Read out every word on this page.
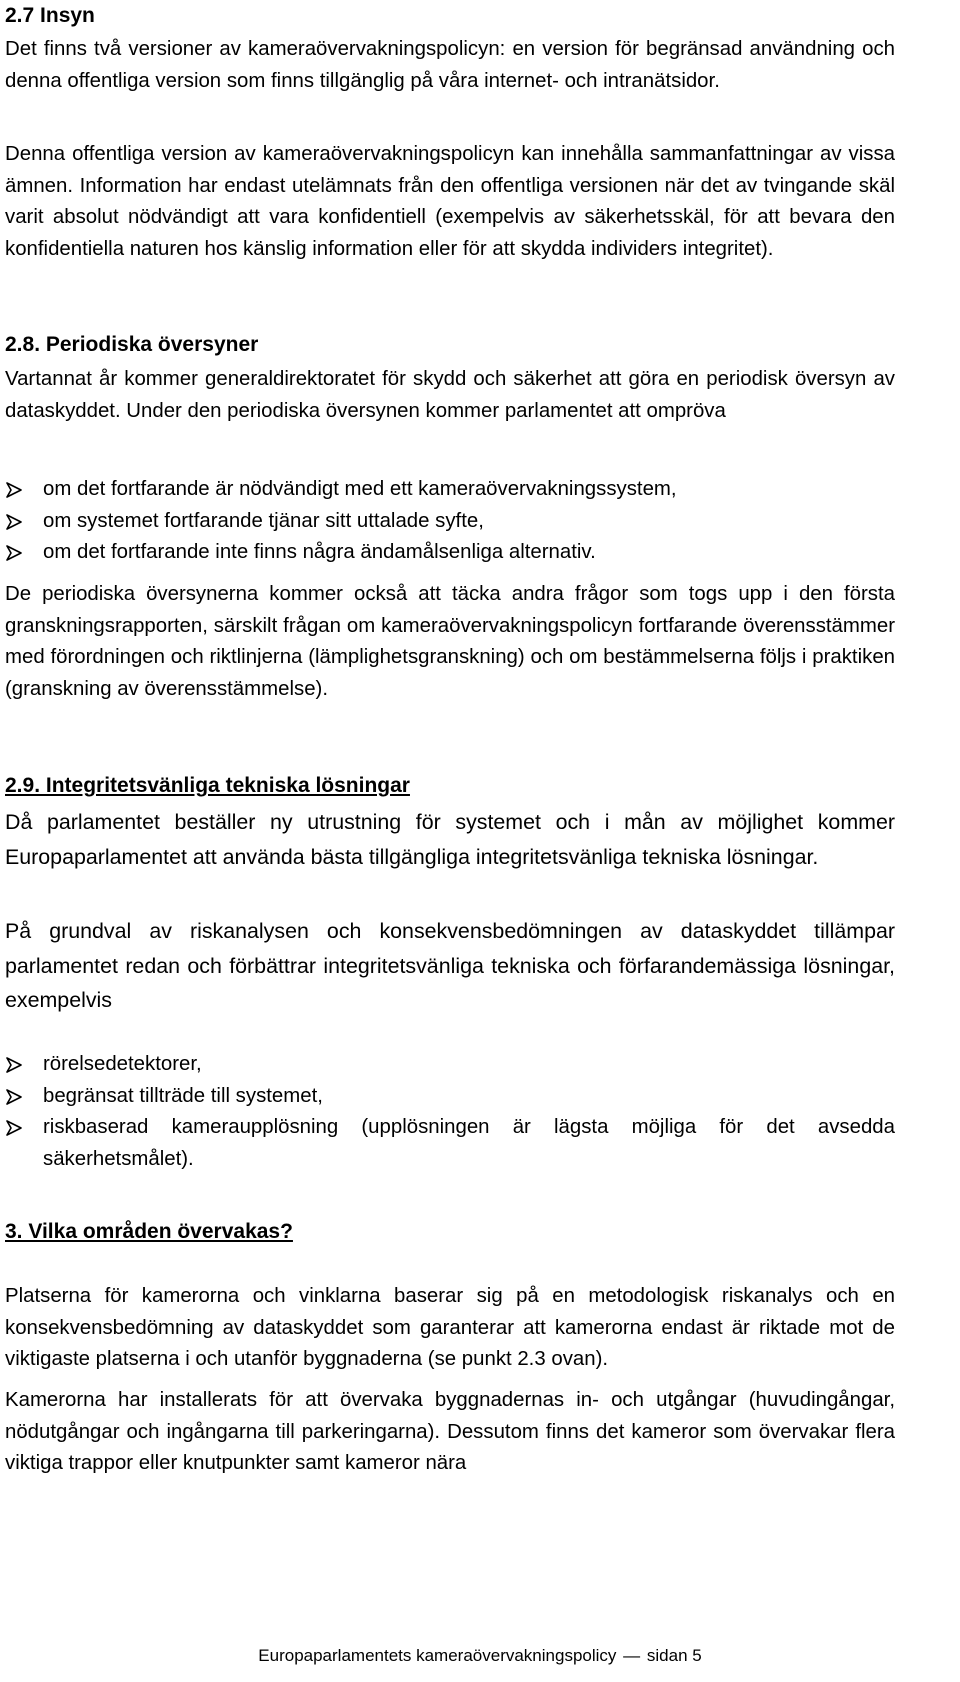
2.7 Insyn

Det finns två versioner av kameraövervakningspolicyn: en version för begränsad användning och denna offentliga version som finns tillgänglig på våra internet- och intranätsidor.

Denna offentliga version av kameraövervakningspolicyn kan innehålla sammanfattningar av vissa ämnen. Information har endast utelämnats från den offentliga versionen när det av tvingande skäl varit absolut nödvändigt att vara konfidentiell (exempelvis av säkerhetsskäl, för att bevara den konfidentiella naturen hos känslig information eller för att skydda individers integritet).

2.8. Periodiska översyner

Vartannat år kommer generaldirektoratet för skydd och säkerhet att göra en periodisk översyn av dataskyddet. Under den periodiska översynen kommer parlamentet att ompröva

om det fortfarande är nödvändigt med ett kameraövervakningssystem,
om systemet fortfarande tjänar sitt uttalade syfte,
om det fortfarande inte finns några ändamålsenliga alternativ.

De periodiska översynerna kommer också att täcka andra frågor som togs upp i den första granskningsrapporten, särskilt frågan om kameraövervakningspolicyn fortfarande överensstämmer med förordningen och riktlinjerna (lämplighetsgranskning) och om bestämmelserna följs i praktiken (granskning av överensstämmelse).

2.9. Integritetsvänliga tekniska lösningar

Då parlamentet beställer ny utrustning för systemet och i mån av möjlighet kommer Europaparlamentet att använda bästa tillgängliga integritetsvänliga tekniska lösningar.

På grundval av riskanalysen och konsekvensbedömningen av dataskyddet tillämpar parlamentet redan och förbättrar integritetsvänliga tekniska och förfarandemässiga lösningar, exempelvis

rörelsedetektorer,
begränsat tillträde till systemet,
riskbaserad kameraupplösning (upplösningen är lägsta möjliga för det avsedda säkerhetsmålet).
3. Vilka områden övervakas?

Platserna för kamerorna och vinklarna baserar sig på en metodologisk riskanalys och en konsekvensbedömning av dataskyddet som garanterar att kamerorna endast är riktade mot de viktigaste platserna i och utanför byggnaderna (se punkt 2.3 ovan).

Kamerorna har installerats för att övervaka byggnadernas in- och utgångar (huvudingångar, nödutgångar och ingångarna till parkeringarna). Dessutom finns det kameror som övervakar flera viktiga trappor eller knutpunkter samt kameror nära

Europaparlamentets kameraövervakningspolicy — sidan 5
